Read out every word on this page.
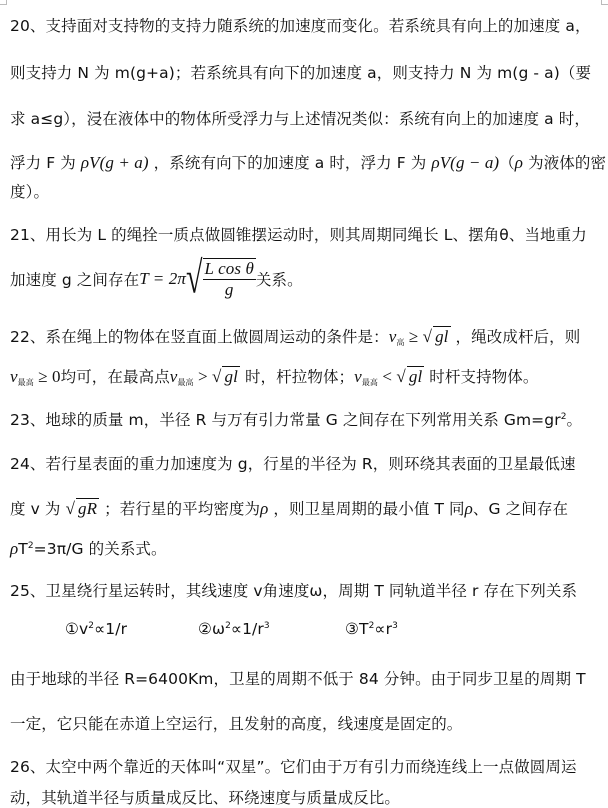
20、支持面对支持物的支持力随系统的加速度而变化。若系统具有向上的加速度 a，
则支持力 N 为 m(g+a)；若系统具有向下的加速度 a，则支持力 N 为 m(g - a)（要
求 a≤g），浸在液体中的物体所受浮力与上述情况类似：系统有向上的加速度 a 时，
浮力 F 为 ρV(g + a) ，系统有向下的加速度 a 时，浮力 F 为 ρV(g − a)（ρ 为液体的密
度）。
21、用长为 L 的绳拴一质点做圆锥摆运动时，则其周期同绳长 L、摆角θ、当地重力
加速度 g 之间存在 T = 2π √ $\frac{\text{L cos θ}}{g}$ 关系。
22、系在绳上的物体在竖直面上做圆周运动的条件是：$v_高$ ≥ √ gl ，绳改成杆后，则
$v_{最高} \ge 0$均可，在最高点$v_{最高}$ > √ gl 时，杆拉物体；$v_{最高}$ < √ gl 时杆支持物体。
23、地球的质量 m，半径 R 与万有引力常量 G 之间存在下列常用关系 $Gm=gr^2$。
24、若行星表面的重力加速度为 g，行星的半径为 R，则环绕其表面的卫星最低速
度 v 为 √ gR ；若行星的平均密度为ρ ，则卫星周期的最小值 T 同ρ、G 之间存在
$\rho T^2=3\pi/G$ 的关系式。
25、卫星绕行星运转时，其线速度 v角速度ω，周期 T 同轨道半径 r 存在下列关系
$①v^2\propto 1/r$	$②\omega^2\propto 1/r^3$	$③T^2\propto r^3$
由于地球的半径 R=6400Km，卫星的周期不低于 84 分钟。由于同步卫星的周期 T
一定，它只能在赤道上空运行，且发射的高度，线速度是固定的。
26、太空中两个靠近的天体叫“双星”。它们由于万有引力而绕连线上一点做圆周运
动，其轨道半径与质量成反比、环绕速度与质量成反比。
